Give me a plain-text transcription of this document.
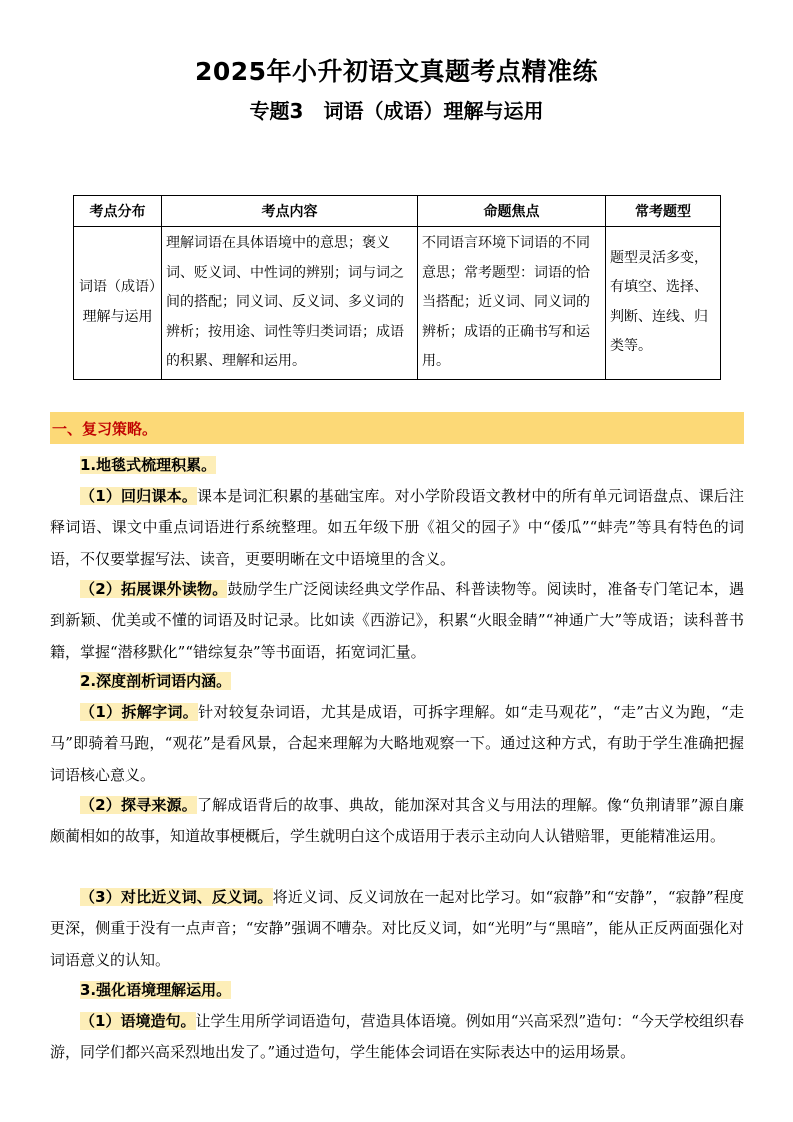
2025年小升初语文真题考点精准练
专题3　词语（成语）理解与运用
考点分布	考点内容	命题焦点	常考题型
词语（成语）理解与运用	理解词语在具体语境中的意思；褒义词、贬义词、中性词的辨别；词与词之间的搭配；同义词、反义词、多义词的辨析；按用途、词性等归类词语；成语的积累、理解和运用。	不同语言环境下词语的不同意思；常考题型：词语的恰当搭配；近义词、同义词的辨析；成语的正确书写和运用。	题型灵活多变，有填空、选择、判断、连线、归类等。
一、复习策略。

1.地毯式梳理积累。

（1）回归课本。课本是词汇积累的基础宝库。对小学阶段语文教材中的所有单元词语盘点、课后注释词语、课文中重点词语进行系统整理。如五年级下册《祖父的园子》中“倭瓜”“蚌壳”等具有特色的词语，不仅要掌握写法、读音，更要明晰在文中语境里的含义。

（2）拓展课外读物。鼓励学生广泛阅读经典文学作品、科普读物等。阅读时，准备专门笔记本，遇到新颖、优美或不懂的词语及时记录。比如读《西游记》，积累“火眼金睛”“神通广大”等成语；读科普书籍，掌握“潜移默化”“错综复杂”等书面语，拓宽词汇量。

2.深度剖析词语内涵。

（1）拆解字词。针对较复杂词语，尤其是成语，可拆字理解。如“走马观花”，“走”古义为跑，“走马”即骑着马跑，“观花”是看风景，合起来理解为大略地观察一下。通过这种方式，有助于学生准确把握词语核心意义。

（2）探寻来源。了解成语背后的故事、典故，能加深对其含义与用法的理解。像“负荆请罪”源自廉颇蔺相如的故事，知道故事梗概后，学生就明白这个成语用于表示主动向人认错赔罪，更能精准运用。

（3）对比近义词、反义词。将近义词、反义词放在一起对比学习。如“寂静”和“安静”，“寂静”程度更深，侧重于没有一点声音；“安静”强调不嘈杂。对比反义词，如“光明”与“黑暗”，能从正反两面强化对词语意义的认知。

3.强化语境理解运用。

（1）语境造句。让学生用所学词语造句，营造具体语境。例如用“兴高采烈”造句：“今天学校组织春游，同学们都兴高采烈地出发了。”通过造句，学生能体会词语在实际表达中的运用场景。
